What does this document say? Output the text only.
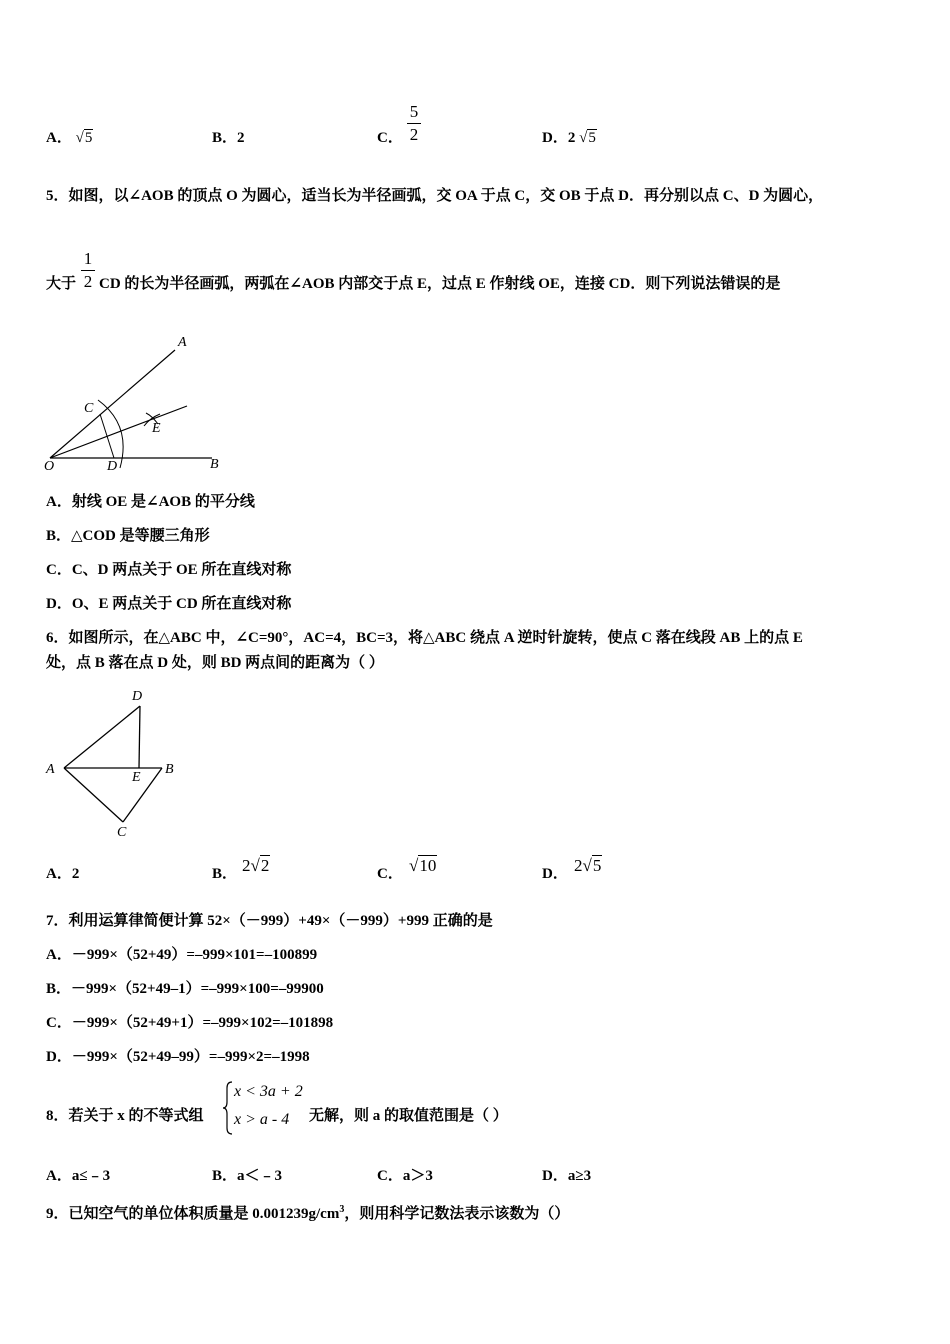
A． √5	B．2	C．
5
2	D．2 √5
5．如图，以∠AOB 的顶点 O 为圆心，适当长为半径画弧，交 OA 于点 C，交 OB 于点 D．再分别以点 C、D 为圆心，
大于
1
2 CD 的长为半径画弧，两弧在∠AOB 内部交于点 E，过点 E 作射线 OE，连接 CD．则下列说法错误的是
A
C
E
O	D	B
A．射线 OE 是∠AOB 的平分线
B．△COD 是等腰三角形
C．C、D 两点关于 OE 所在直线对称
D．O、E 两点关于 CD 所在直线对称
6．如图所示，在△ABC 中，∠C=90°，AC=4，BC=3，将△ABC 绕点 A 逆时针旋转，使点 C 落在线段 AB 上的点 E
处，点 B 落在点 D 处，则 BD 两点间的距离为（ ）
D
A
E
B
C
A．2	B． 2√2	C． √10	D． 2√5
7．利用运算律简便计算 52×（－999）+49×（－999）+999 正确的是
A．－999×（52+49）=–999×101=–100899
B．－999×（52+49–1）=–999×100=–99900
C．－999×（52+49+1）=–999×102=–101898
D．－999×（52+49–99）=–999×2=–1998
8．若关于 x 的不等式组
x < 3a + 2
x > a - 4 无解，则 a 的取值范围是（ ）
A．a≤﹣3	B．a＜﹣3	C．a＞3	D．a≥3
9．已知空气的单位体积质量是 $0.001239g/cm^3$，则用科学记数法表示该数为（）
